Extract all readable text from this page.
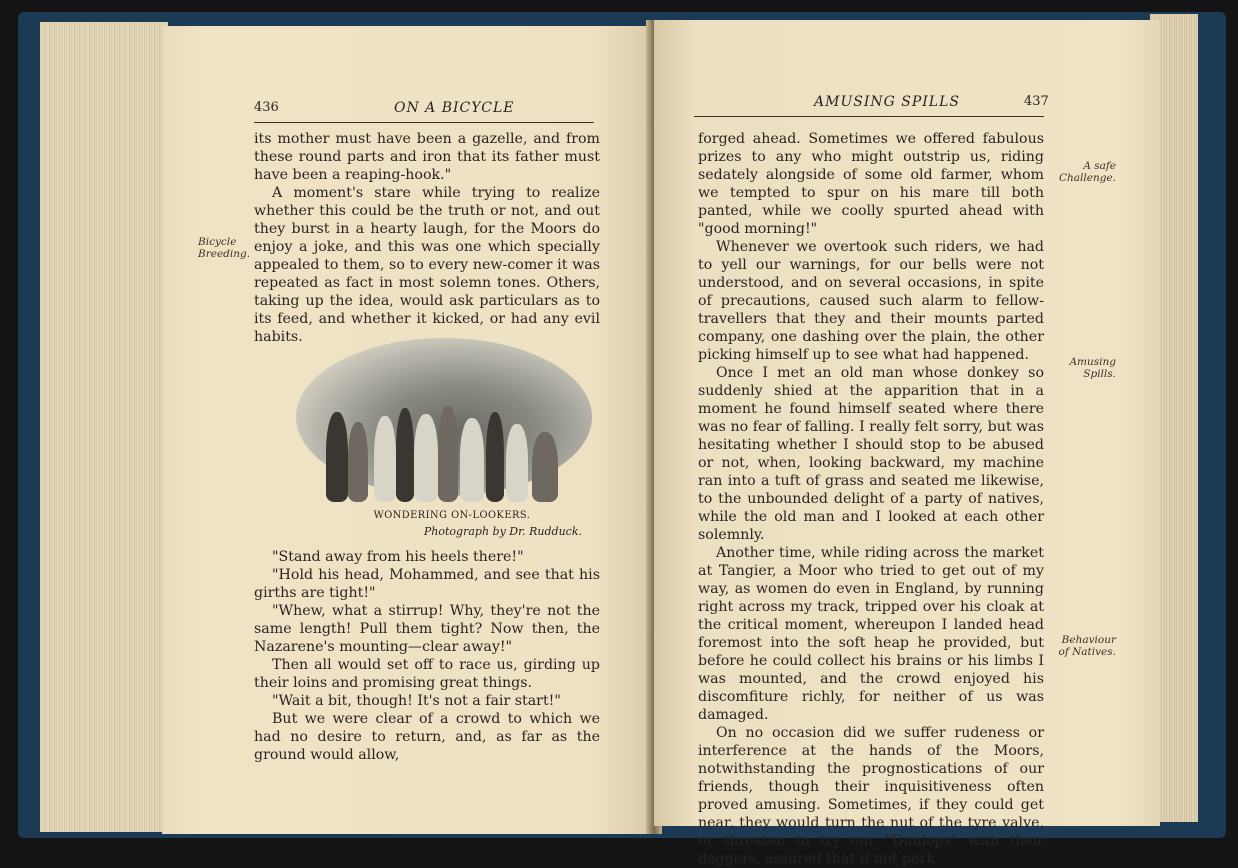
436	ON A BICYCLE

its mother must have been a gazelle, and from these round parts and iron that its father must have been a reaping-hook."

A moment's stare while trying to realize whether this could be the truth or not, and out they burst in a hearty laugh, for the Moors do enjoy a joke, and this was one which specially appealed to them, so to every new-comer it was repeated as fact in most solemn tones. Others, taking up the idea, would ask particulars as to its feed, and whether it kicked, or had any evil habits.

Bicycle Breeding.
WONDERING ON-LOOKERS.
Photograph by Dr. Rudduck.

"Stand away from his heels there!"

"Hold his head, Mohammed, and see that his girths are tight!"

"Whew, what a stirrup! Why, they're not the same length! Pull them tight? Now then, the Nazarene's mounting—clear away!"

Then all would set off to race us, girding up their loins and promising great things.

"Wait a bit, though! It's not a fair start!"

But we were clear of a crowd to which we had no desire to return, and, as far as the ground would allow,

AMUSING SPILLS	437

forged ahead. Sometimes we offered fabulous prizes to any who might outstrip us, riding sedately alongside of some old farmer, whom we tempted to spur on his mare till both panted, while we coolly spurted ahead with "good morning!"

Whenever we overtook such riders, we had to yell our warnings, for our bells were not understood, and on several occasions, in spite of precautions, caused such alarm to fellow-travellers that they and their mounts parted company, one dashing over the plain, the other picking himself up to see what had happened.

Once I met an old man whose donkey so suddenly shied at the apparition that in a moment he found himself seated where there was no fear of falling. I really felt sorry, but was hesitating whether I should stop to be abused or not, when, looking backward, my machine ran into a tuft of grass and seated me likewise, to the unbounded delight of a party of natives, while the old man and I looked at each other solemnly.

Another time, while riding across the market at Tangier, a Moor who tried to get out of my way, as women do even in England, by running right across my track, tripped over his cloak at the critical moment, whereupon I landed head foremost into the soft heap he provided, but before he could collect his brains or his limbs I was mounted, and the crowd enjoyed his discomfiture richly, for neither of us was damaged.

On no occasion did we suffer rudeness or interference at the hands of the Moors, notwithstanding the prognostications of our friends, though their inquisitiveness often proved amusing. Sometimes, if they could get near, they would turn the nut of the tyre valve, or threaten to try our "Dunlops" with their daggers, assured that if not pork

A safe Challenge.
Amusing Spills.
Behaviour of Natives.
